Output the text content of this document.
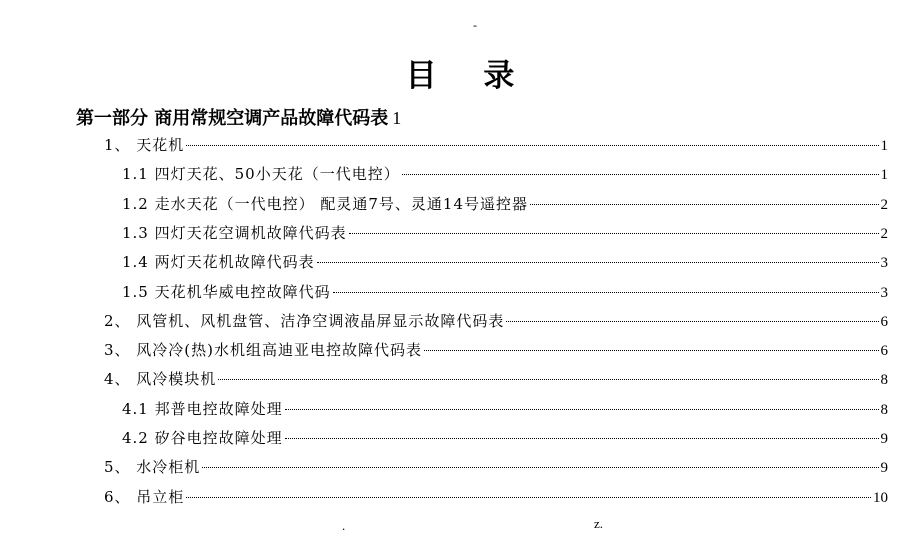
-
目 录
第一部分 商用常规空调产品故障代码表 1
1、 天花机	1
1.1 四灯天花、50小天花（一代电控）	1
1.2 走水天花（一代电控） 配灵通7号、灵通14号遥控器	2
1.3 四灯天花空调机故障代码表	2
1.4 两灯天花机故障代码表	3
1.5 天花机华威电控故障代码	3
2、 风管机、风机盘管、洁净空调液晶屏显示故障代码表	6
3、 风冷冷(热)水机组高迪亚电控故障代码表	6
4、 风冷模块机	8
4.1 邦普电控故障处理	8
4.2 矽谷电控故障处理	9
5、 水冷柜机	9
6、 吊立柜	10
.	z.
